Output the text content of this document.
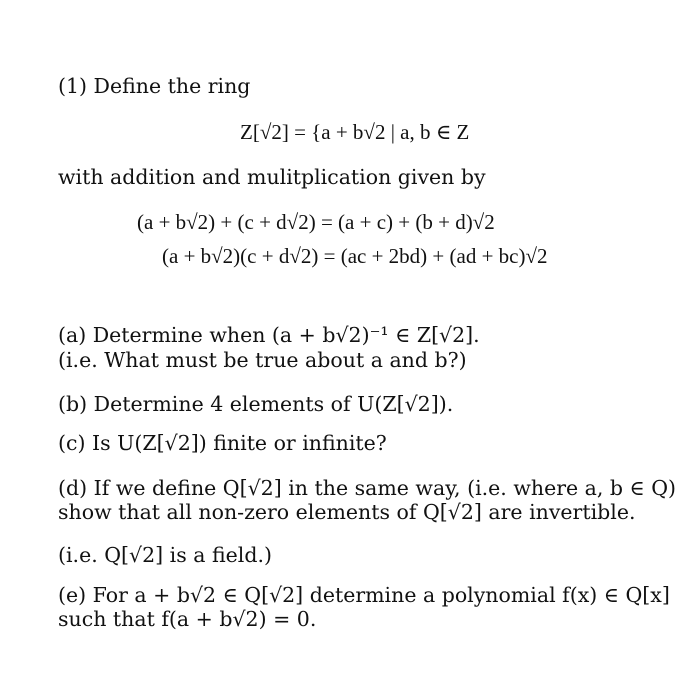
(1) Define the ring
Z[√2] = {a + b√2 | a, b ∈ Z
with addition and mulitplication given by
(a + b√2) + (c + d√2) = (a + c) + (b + d)√2
(a + b√2)(c + d√2) = (ac + 2bd) + (ad + bc)√2
(a) Determine when (a + b√2)⁻¹ ∈ Z[√2].
(i.e. What must be true about a and b?)
(b) Determine 4 elements of U(Z[√2]).
(c) Is U(Z[√2]) finite or infinite?
(d) If we define Q[√2] in the same way, (i.e. where a, b ∈ Q)
show that all non-zero elements of Q[√2] are invertible.
(i.e. Q[√2] is a field.)
(e) For a + b√2 ∈ Q[√2] determine a polynomial f(x) ∈ Q[x]
such that f(a + b√2) = 0.
